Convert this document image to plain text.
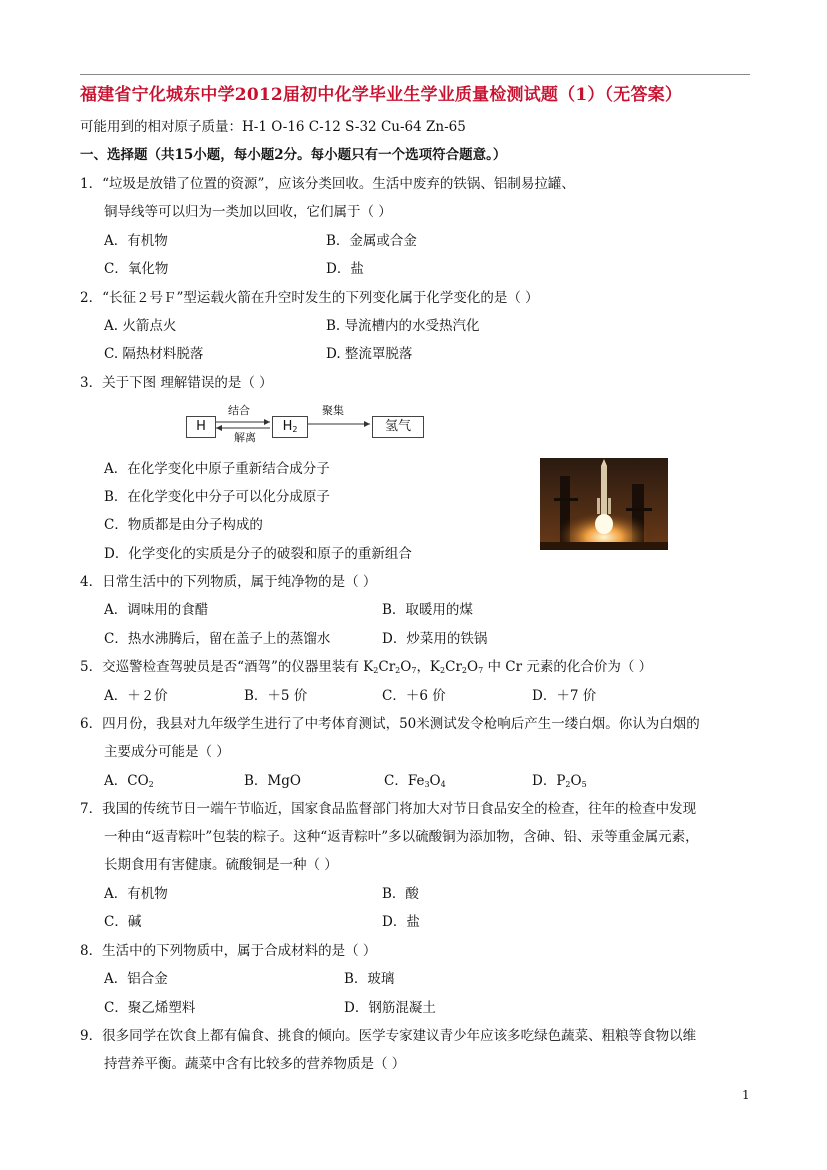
福建省宁化城东中学2012届初中化学毕业生学业质量检测试题（1）（无答案）
可能用到的相对原子质量：H-1 O-16 C-12 S-32 Cu-64 Zn-65
一、选择题（共15小题，每小题2分。每小题只有一个选项符合题意。）
1．“垃圾是放错了位置的资源”，应该分类回收。生活中废弃的铁锅、铝制易拉罐、
铜导线等可以归为一类加以回收，它们属于（ ）
A．有机物	B．金属或合金
C．氧化物	D．盐
2．“长征２号Ｆ”型运载火箭在升空时发生的下列变化属于化学变化的是（ ）
A. 火箭点火	B. 导流槽内的水受热汽化
C. 隔热材料脱落	D. 整流罩脱落
3．关于下图 理解错误的是（ ）
H	$H_2$	氢气
结合
解离
聚集
A．在化学变化中原子重新结合成分子
B．在化学变化中分子可以化分成原子
C．物质都是由分子构成的
D．化学变化的实质是分子的破裂和原子的重新组合
4．日常生活中的下列物质，属于纯净物的是（ ）
A．调味用的食醋	B．取暖用的煤
C．热水沸腾后，留在盖子上的蒸馏水	D．炒菜用的铁锅
5．交巡警检查驾驶员是否“酒驾”的仪器里装有 $K_2Cr_2O_7$，$K_2Cr_2O_7$ 中 Cr 元素的化合价为（ ）
A．＋２价	B．＋5 价	C．＋6 价	D．＋7 价
6．四月份，我县对九年级学生进行了中考体育测试，50米测试发令枪响后产生一缕白烟。你认为白烟的
主要成分可能是（ ）
A．$CO_2$	B．MgO	C．$Fe_3O_4$	D．$P_2O_5$
7．我国的传统节日一端午节临近，国家食品监督部门将加大对节日食品安全的检查，往年的检查中发现
一种由“返青粽叶”包装的粽子。这种“返青粽叶”多以硫酸铜为添加物，含砷、铅、汞等重金属元素，
长期食用有害健康。硫酸铜是一种（ ）
A．有机物	B．酸
C．碱	D．盐
8．生活中的下列物质中，属于合成材料的是（ ）
A．铝合金	B．玻璃
C．聚乙烯塑料	D．钢筋混凝土
9．很多同学在饮食上都有偏食、挑食的倾向。医学专家建议青少年应该多吃绿色蔬菜、粗粮等食物以维
持营养平衡。蔬菜中含有比较多的营养物质是（ ）
1
